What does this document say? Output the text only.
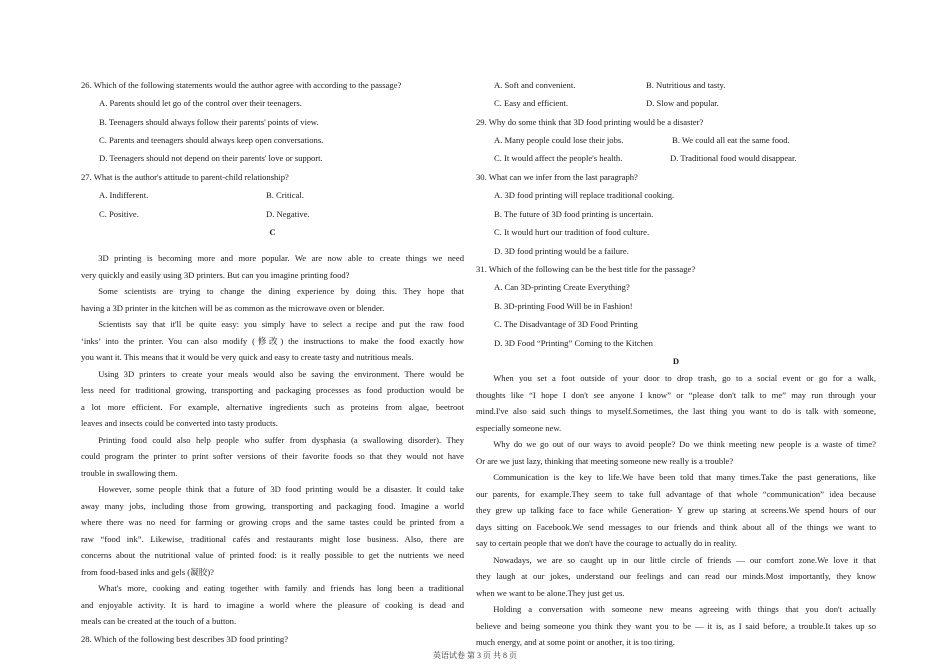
26. Which of the following statements would the author agree with according to the passage?
A. Parents should let go of the control over their teenagers.
B. Teenagers should always follow their parents' points of view.
C. Parents and teenagers should always keep open conversations.
D. Teenagers should not depend on their parents' love or support.
27. What is the author's attitude to parent-child relationship?
A. Indifferent.	B. Critical.
C. Positive.	D. Negative.
C
3D printing is becoming more and more popular. We are now able to create things we need
very quickly and easily using 3D printers. But can you imagine printing food?
Some scientists are trying to change the dining experience by doing this. They hope that
having a 3D printer in the kitchen will be as common as the microwave oven or blender.
Scientists say that it'll be quite easy: you simply have to select a recipe and put the raw food
‘inks’ into the printer. You can also modify (修改) the instructions to make the food exactly how
you want it. This means that it would be very quick and easy to create tasty and nutritious meals.
Using 3D printers to create your meals would also be saving the environment. There would be
less need for traditional growing, transporting and packaging processes as food production would be
a lot more efficient. For example, alternative ingredients such as proteins from algae, beetroot
leaves and insects could be converted into tasty products.
Printing food could also help people who suffer from dysphasia (a swallowing disorder). They
could program the printer to print softer versions of their favorite foods so that they would not have
trouble in swallowing them.
However, some people think that a future of 3D food printing would be a disaster. It could take
away many jobs, including those from growing, transporting and packaging food. Imagine a world
where there was no need for farming or growing crops and the same tastes could be printed from a
raw “food ink”. Likewise, traditional cafés and restaurants might lose business. Also, there are
concerns about the nutritional value of printed food: is it really possible to get the nutrients we need
from food-based inks and gels (凝胶)?
What's more, cooking and eating together with family and friends has long been a traditional
and enjoyable activity. It is hard to imagine a world where the pleasure of cooking is dead and
meals can be created at the touch of a button.
28. Which of the following best describes 3D food printing?
A. Soft and convenient.	B. Nutritious and tasty.
C. Easy and efficient.	D. Slow and popular.
29. Why do some think that 3D food printing would be a disaster?
A. Many people could lose their jobs.	B. We could all eat the same food.
C. It would affect the people's health.	D. Traditional food would disappear.
30. What can we infer from the last paragraph?
A. 3D food printing will replace traditional cooking.
B. The future of 3D food printing is uncertain.
C. It would hurt our tradition of food culture.
D. 3D food printing would be a failure.
31. Which of the following can be the best title for the passage?
A. Can 3D-printing Create Everything?
B. 3D-printing Food Will be in Fashion!
C. The Disadvantage of 3D Food Printing
D. 3D Food “Printing” Coming to the Kitchen
D
When you set a foot outside of your door to drop trash, go to a social event or go for a walk,
thoughts like “I hope I don't see anyone I know” or “please don't talk to me” may run through your
mind.I've also said such things to myself.Sometimes, the last thing you want to do is talk with someone,
especially someone new.
Why do we go out of our ways to avoid people? Do we think meeting new people is a waste of time?
Or are we just lazy, thinking that meeting someone new really is a trouble?
Communication is the key to life.We have been told that many times.Take the past generations, like
our parents, for example.They seem to take full advantage of that whole “communication” idea because
they grew up talking face to face while Generation- Y grew up staring at screens.We spend hours of our
days sitting on Facebook.We send messages to our friends and think about all of the things we want to
say to certain people that we don't have the courage to actually do in reality.
Nowadays, we are so caught up in our little circle of friends — our comfort zone.We love it that
they laugh at our jokes, understand our feelings and can read our minds.Most importantly, they know
when we want to be alone.They just get us.
Holding a conversation with someone new means agreeing with things that you don't actually
believe and being someone you think they want you to be — it is, as I said before, a trouble.It takes up so
much energy, and at some point or another, it is too tiring.
英语试卷 第 3 页 共 8 页
